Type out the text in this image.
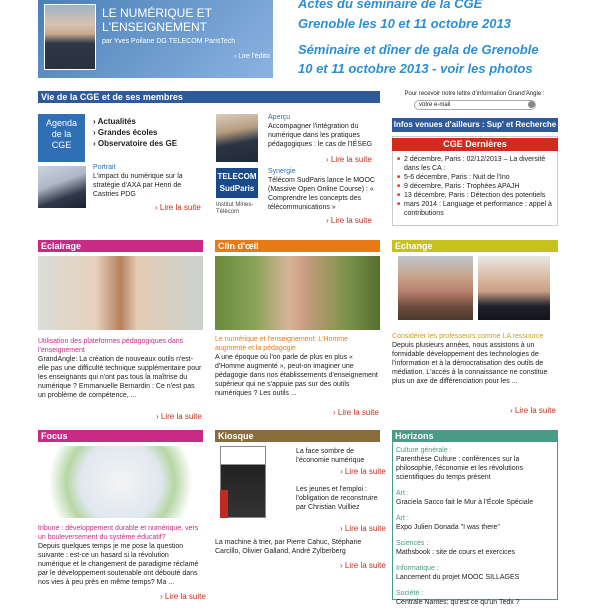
LE NUMÉRIQUE ET
L'ENSEIGNEMENT
par Yves Poilane DG TELECOM ParisTech
› Lire l'édito
Actes du séminaire de la CGE
Grenoble les 10 et 11 octobre 2013
Séminaire et dîner de gala de Grenoble
10 et 11 octobre 2013 - voir les photos
Vie de la CGE et de ses membres	Pour recevoir notre lettre d'information Grand'Angle :
votre e-mail
Agenda
de la
CGE
› Actualités
› Grandes écoles
› Observatoire des GE
Portrait
L'impact du numérique sur la stratégie d'AXA par Henri de Castries PDG
› Lire la suite
Aperçu
Accompagner l'intégration du numérique dans les pratiques pédagogiques : le cas de l'IÉSEG
› Lire la suite
TELECOM
SudParis
Institut Mines-Télécom
Synergie
Télécom SudParis lance le MOOC (Massive Open Online Course) : « Comprendre les concepts des télécommunications »
› Lire la suite
Infos venues d'ailleurs : Sup' et Recherche
CGE Dernières
■ 2 décembre, Paris : 02/12/2013 – La diversité dans les CA :
■ 5-6 décembre, Paris : Nuit de l'Ino
■ 9 décembre, Paris : Trophées APAJH
■ 13 décembre, Paris : Détection des potentiels
■ mars 2014 : Language et performance : appel à contributions
Eclairage	Clin d'œil	Echange
Utilisation des plateformes pédagogiques dans l'enseignement
GrandAngle: La création de nouveaux outils n'est-elle pas une difficulté technique supplémentaire pour les enseignants qui n'ont pas tous la maîtrise du numérique ? Emmanuelle Bernardin : Ce n'est pas un problème de compétence, ...
› Lire la suite
Le numérique et l'enseignement: L'Homme augmenté et la pédagogie
A une époque où l'on parle de plus en plus « d'Homme augmenté », peut-on imaginer une pédagogie dans nos établissements d'enseignement supérieur qui ne s'appuie pas sur des outils numériques ? Les outils ...
› Lire la suite
Considérer les professeurs comme LA ressource
Depuis plusieurs années, nous assistons à un formidable développement des technologies de l'information et à la démocratisation des outils de médiation. L'accès à la connaissance ne constitue plus un axe de différenciation pour les ...
› Lire la suite
Focus	Kiosque	Horizons
tribune : développement durable et numérique, vers un bouleversement du système éducatif?
Depuis quelques temps je me pose la question suivante : est-ce un hasard si la révolution numérique et le changement de paradigme réclamé par le développement soutenable ont débouté dans nos vies à peu près en même temps? Ma ...
› Lire la suite
La face sombre de l'économie numérique
› Lire la suite
Les jeunes et l'emploi : l'obligation de reconstruire par Christian Vuilliez
› Lire la suite
La machine à trier, par Pierre Cahuc, Stéphane Carcillo, Olivier Galland, André Zylberberg
› Lire la suite
Culture générale :
Parenthèse Culture : conférences sur la philosophie, l'économie et les révolutions scientifiques du temps présent
Art :
Graciela Sacco fait le Mur à l'École Spéciale
Art :
Expo Julien Donada "I was there"
Sciences :
Mathsbook : site de cours et exercices
Informatique :
Lancement du projet MOOC SILLAGES
Société :
Centrale Nantes: qu'est ce qu'un Tedx ?
